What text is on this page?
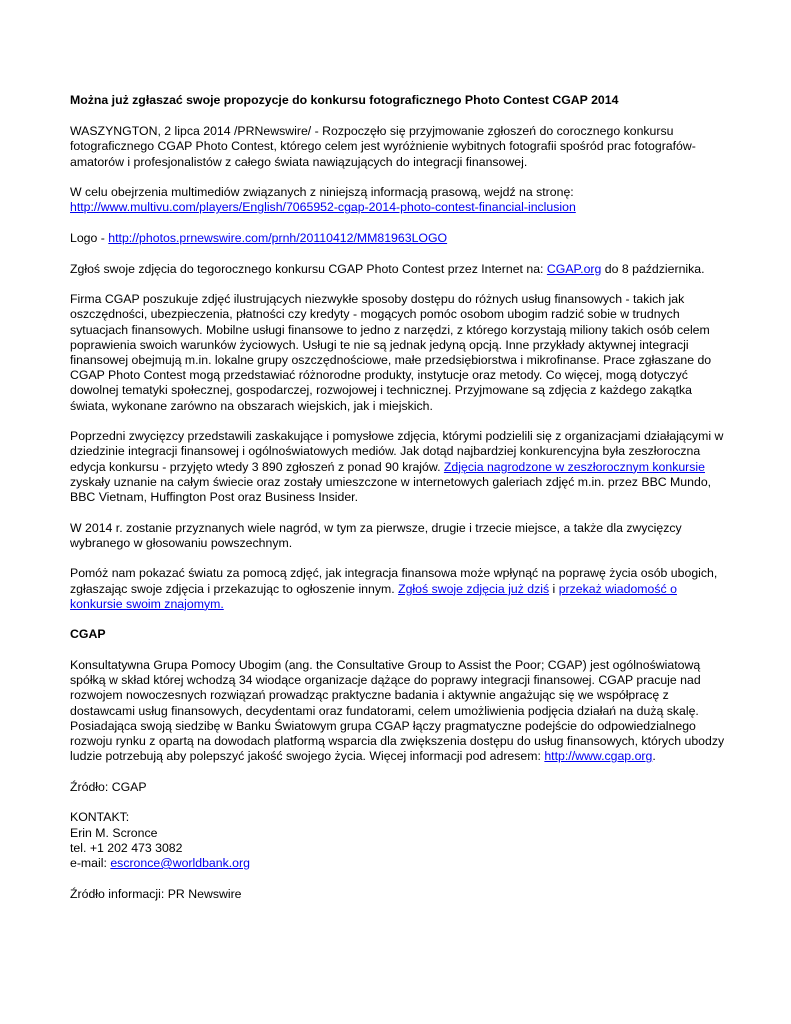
Można już zgłaszać swoje propozycje do konkursu fotograficznego Photo Contest CGAP 2014

WASZYNGTON, 2 lipca 2014 /PRNewswire/ - Rozpoczęło się przyjmowanie zgłoszeń do corocznego konkursu fotograficznego CGAP Photo Contest, którego celem jest wyróżnienie wybitnych fotografii spośród prac fotografów-amatorów i profesjonalistów z całego świata nawiązujących do integracji finansowej.

W celu obejrzenia multimediów związanych z niniejszą informacją prasową, wejdź na stronę:
http://www.multivu.com/players/English/7065952-cgap-2014-photo-contest-financial-inclusion

Logo - http://photos.prnewswire.com/prnh/20110412/MM81963LOGO

Zgłoś swoje zdjęcia do tegorocznego konkursu CGAP Photo Contest przez Internet na: CGAP.org do 8 października.

Firma CGAP poszukuje zdjęć ilustrujących niezwykłe sposoby dostępu do różnych usług finansowych - takich jak oszczędności, ubezpieczenia, płatności czy kredyty - mogących pomóc osobom ubogim radzić sobie w trudnych sytuacjach finansowych. Mobilne usługi finansowe to jedno z narzędzi, z którego korzystają miliony takich osób celem poprawienia swoich warunków życiowych. Usługi te nie są jednak jedyną opcją. Inne przykłady aktywnej integracji finansowej obejmują m.in. lokalne grupy oszczędnościowe, małe przedsiębiorstwa i mikrofinanse. Prace zgłaszane do CGAP Photo Contest mogą przedstawiać różnorodne produkty, instytucje oraz metody. Co więcej, mogą dotyczyć dowolnej tematyki społecznej, gospodarczej, rozwojowej i technicznej. Przyjmowane są zdjęcia z każdego zakątka świata, wykonane zarówno na obszarach wiejskich, jak i miejskich.

Poprzedni zwycięzcy przedstawili zaskakujące i pomysłowe zdjęcia, którymi podzielili się z organizacjami działającymi w dziedzinie integracji finansowej i ogólnoświatowych mediów. Jak dotąd najbardziej konkurencyjna była zeszłoroczna edycja konkursu - przyjęto wtedy 3 890 zgłoszeń z ponad 90 krajów. Zdjęcia nagrodzone w zeszłorocznym konkursie zyskały uznanie na całym świecie oraz zostały umieszczone w internetowych galeriach zdjęć m.in. przez BBC Mundo, BBC Vietnam, Huffington Post oraz Business Insider.

W 2014 r. zostanie przyznanych wiele nagród, w tym za pierwsze, drugie i trzecie miejsce, a także dla zwycięzcy wybranego w głosowaniu powszechnym.

Pomóż nam pokazać światu za pomocą zdjęć, jak integracja finansowa może wpłynąć na poprawę życia osób ubogich, zgłaszając swoje zdjęcia i przekazując to ogłoszenie innym. Zgłoś swoje zdjęcia już dziś i przekaż wiadomość o konkursie swoim znajomym.

CGAP

Konsultatywna Grupa Pomocy Ubogim (ang. the Consultative Group to Assist the Poor; CGAP) jest ogólnoświatową spółką w skład której wchodzą 34 wiodące organizacje dążące do poprawy integracji finansowej. CGAP pracuje nad rozwojem nowoczesnych rozwiązań prowadząc praktyczne badania i aktywnie angażując się we współpracę z dostawcami usług finansowych, decydentami oraz fundatorami, celem umożliwienia podjęcia działań na dużą skalę. Posiadająca swoją siedzibę w Banku Światowym grupa CGAP łączy pragmatyczne podejście do odpowiedzialnego rozwoju rynku z opartą na dowodach platformą wsparcia dla zwiększenia dostępu do usług finansowych, których ubodzy ludzie potrzebują aby polepszyć jakość swojego życia. Więcej informacji pod adresem: http://www.cgap.org.

Źródło: CGAP

KONTAKT:
Erin M. Scronce
tel. +1 202 473 3082
e-mail: escronce@worldbank.org

Źródło informacji: PR Newswire
